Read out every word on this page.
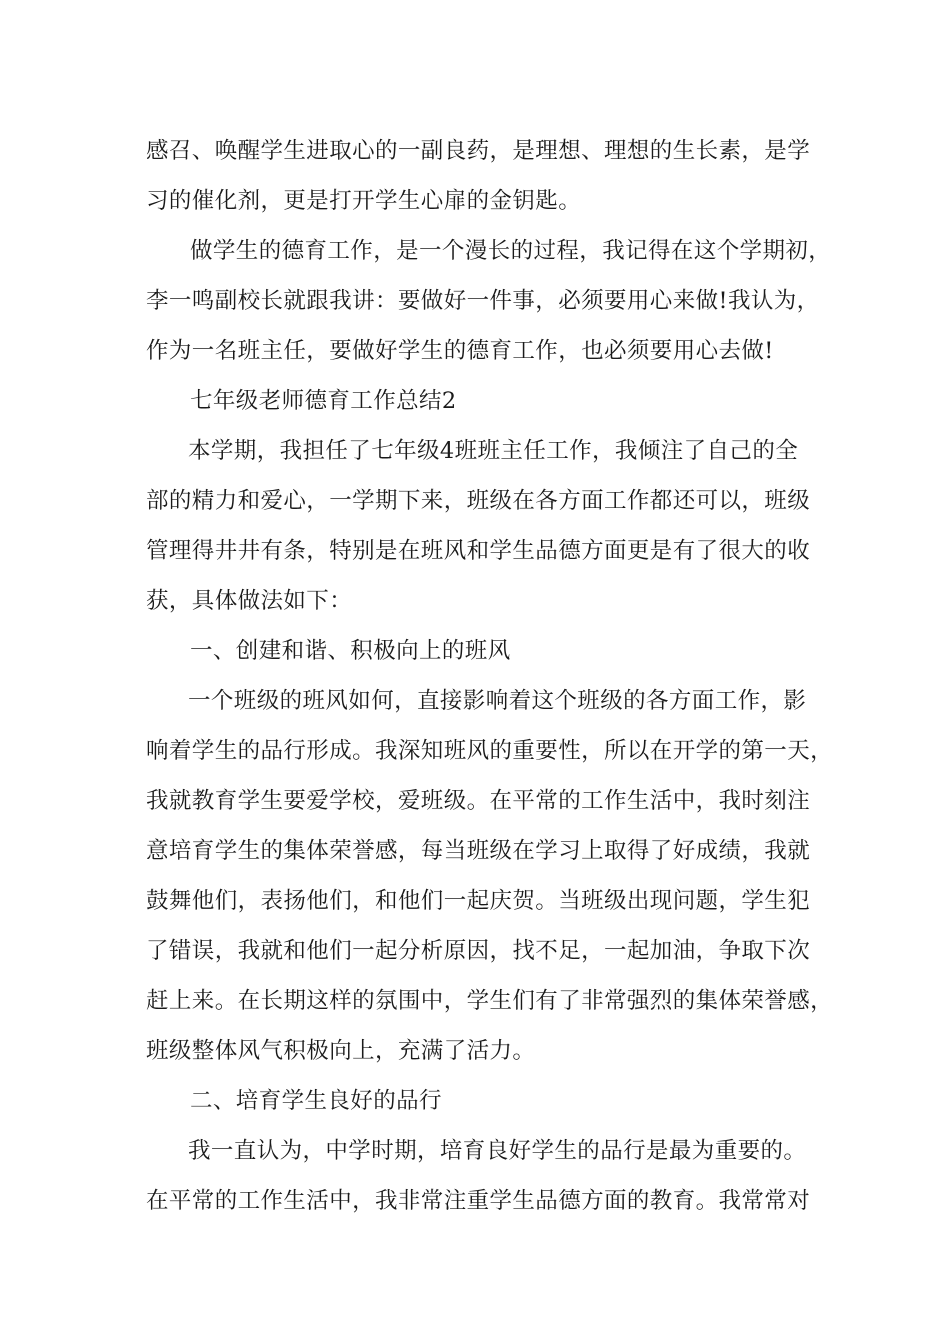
感召、唤醒学生进取心的一副良药，是理想、理想的生长素，是学
习的催化剂，更是打开学生心扉的金钥匙。
做学生的德育工作，是一个漫长的过程，我记得在这个学期初，
李一鸣副校长就跟我讲：要做好一件事，必须要用心来做!我认为，
作为一名班主任，要做好学生的德育工作，也必须要用心去做!
七年级老师德育工作总结2
本学期，我担任了七年级4班班主任工作，我倾注了自己的全
部的精力和爱心，一学期下来，班级在各方面工作都还可以，班级
管理得井井有条，特别是在班风和学生品德方面更是有了很大的收
获，具体做法如下：
一、创建和谐、积极向上的班风
一个班级的班风如何，直接影响着这个班级的各方面工作，影
响着学生的品行形成。我深知班风的重要性，所以在开学的第一天，
我就教育学生要爱学校，爱班级。在平常的工作生活中，我时刻注
意培育学生的集体荣誉感，每当班级在学习上取得了好成绩，我就
鼓舞他们，表扬他们，和他们一起庆贺。当班级出现问题，学生犯
了错误，我就和他们一起分析原因，找不足，一起加油，争取下次
赶上来。在长期这样的氛围中，学生们有了非常强烈的集体荣誉感，
班级整体风气积极向上，充满了活力。
二、培育学生良好的品行
我一直认为，中学时期，培育良好学生的品行是最为重要的。
在平常的工作生活中，我非常注重学生品德方面的教育。我常常对
